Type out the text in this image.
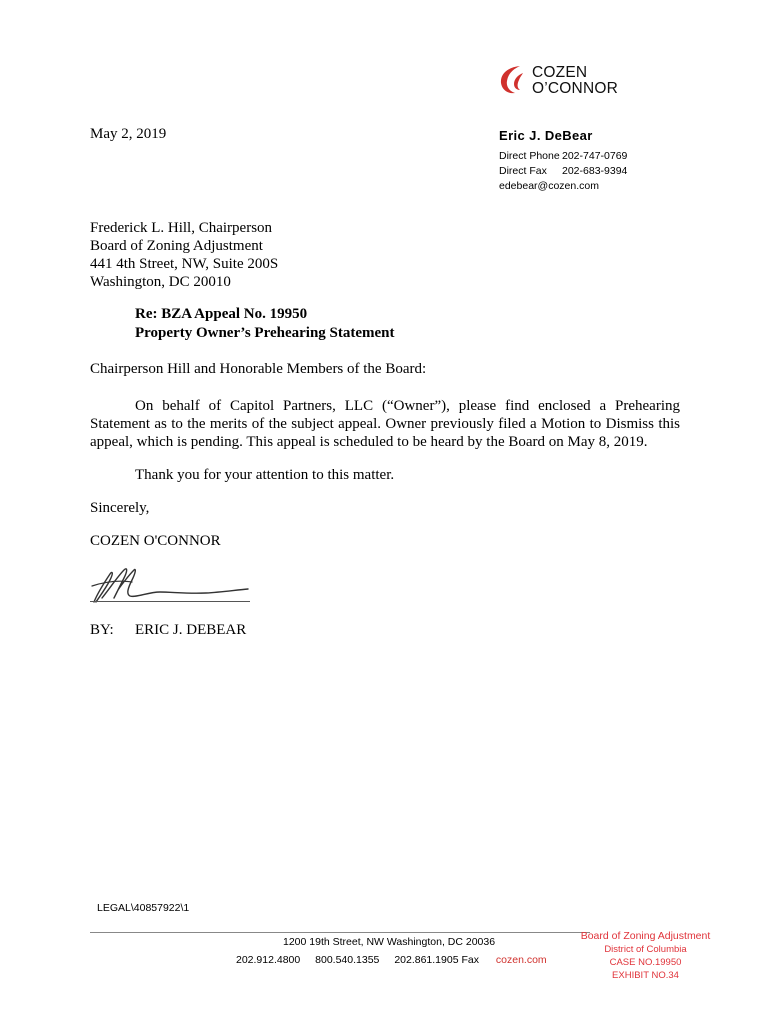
COZEN
O’CONNOR
Eric J. DeBear
Direct Phone 202-747-0769
Direct Fax 202-683-9394
edebear@cozen.com
May 2, 2019
Frederick L. Hill, Chairperson
Board of Zoning Adjustment
441 4th Street, NW, Suite 200S
Washington, DC 20010
Re: BZA Appeal No. 19950
Property Owner’s Prehearing Statement
Chairperson Hill and Honorable Members of the Board:
On behalf of Capitol Partners, LLC (“Owner”), please find enclosed a Prehearing Statement as to the merits of the subject appeal. Owner previously filed a Motion to Dismiss this appeal, which is pending. This appeal is scheduled to be heard by the Board on May 8, 2019.
Thank you for your attention to this matter.
Sincerely,
COZEN O'CONNOR
BY: ERIC J. DEBEAR
LEGAL\40857922\1
1200 19th Street, NW Washington, DC 20036
202.912.4800 800.540.1355 202.861.1905 Fax cozen.com
Board of Zoning Adjustment
District of Columbia
CASE NO.19950
EXHIBIT NO.34
